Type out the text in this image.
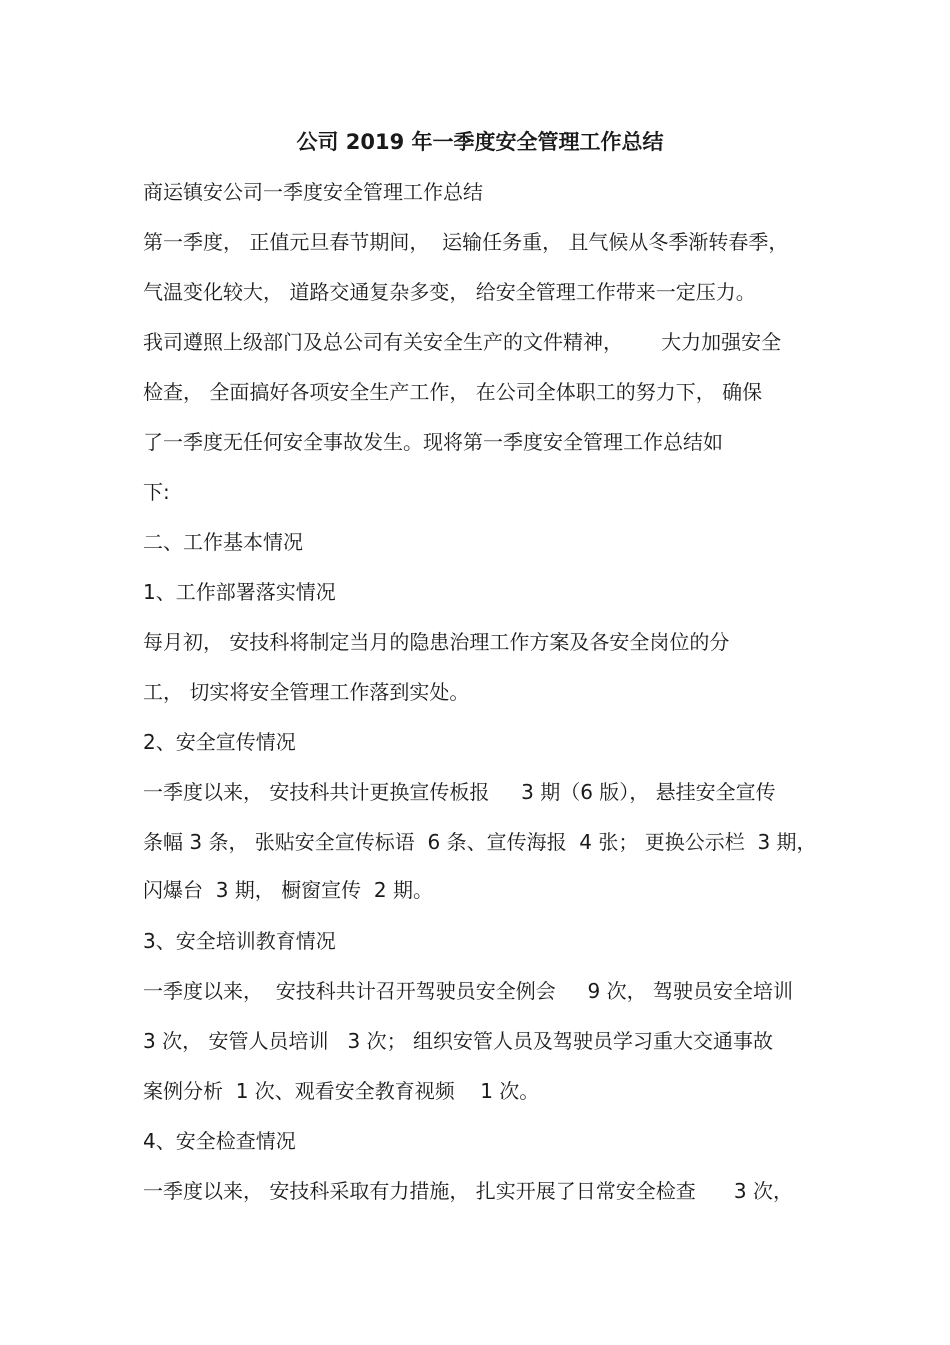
公司 2019 年一季度安全管理工作总结

商运镇安公司一季度安全管理工作总结

第一季度， 正值元旦春节期间，  运输任务重， 且气候从冬季渐转春季，

气温变化较大， 道路交通复杂多变， 给安全管理工作带来一定压力。

我司遵照上级部门及总公司有关安全生产的文件精神，      大力加强安全

检查， 全面搞好各项安全生产工作， 在公司全体职工的努力下， 确保

了一季度无任何安全事故发生。现将第一季度安全管理工作总结如

下:

二、工作基本情况

1、工作部署落实情况

每月初， 安技科将制定当月的隐患治理工作方案及各安全岗位的分

工， 切实将安全管理工作落到实处。

2、安全宣传情况

一季度以来， 安技科共计更换宣传板报     3 期（6 版）， 悬挂安全宣传

条幅 3 条， 张贴安全宣传标语  6 条、宣传海报  4 张； 更换公示栏  3 期，

闪爆台  3 期， 橱窗宣传  2 期。

3、安全培训教育情况

一季度以来，  安技科共计召开驾驶员安全例会     9 次， 驾驶员安全培训

3 次， 安管人员培训   3 次； 组织安管人员及驾驶员学习重大交通事故

案例分析  1 次、观看安全教育视频    1 次。

4、安全检查情况

一季度以来， 安技科采取有力措施， 扎实开展了日常安全检查      3 次，
